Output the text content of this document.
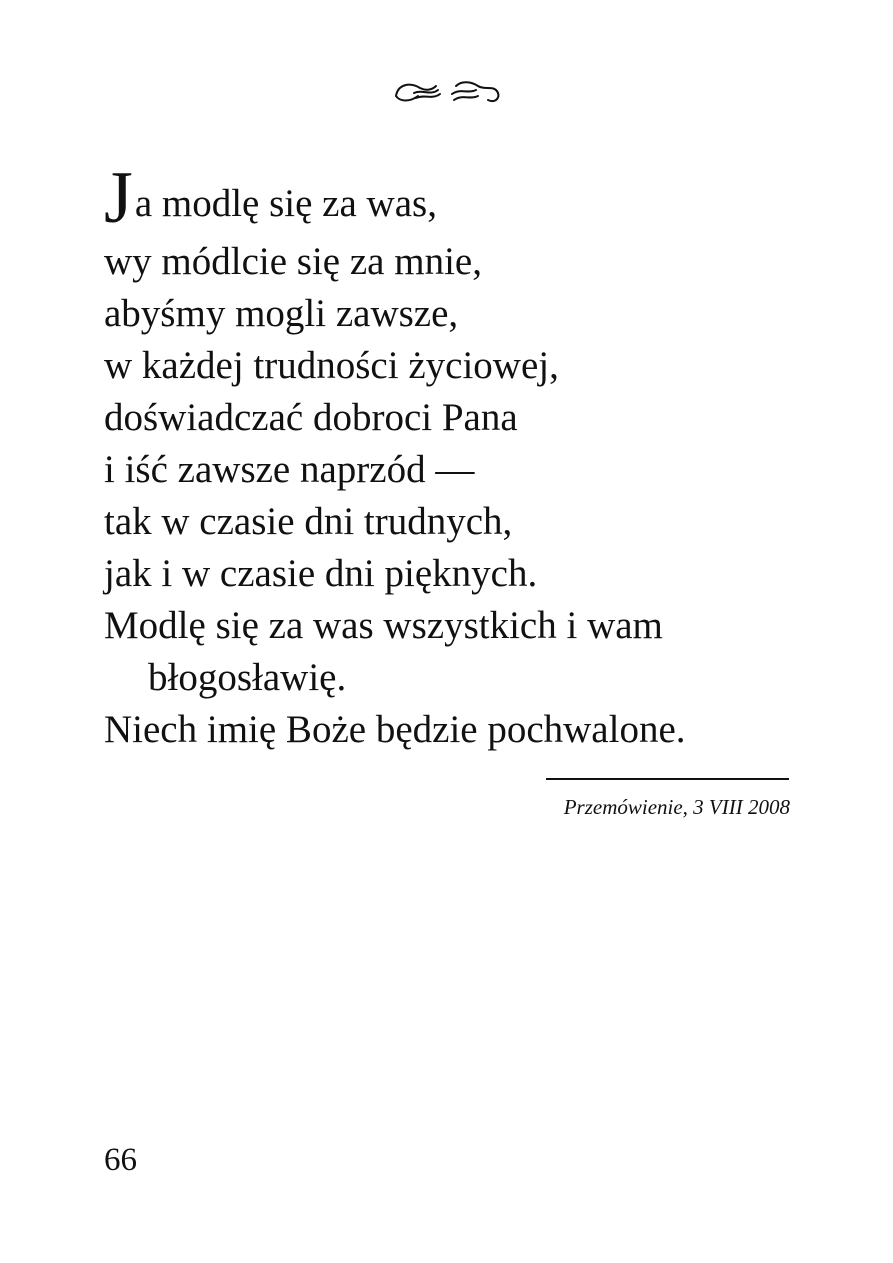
Ja modlę się za was,
wy módlcie się za mnie,
abyśmy mogli zawsze,
w każdej trudności życiowej,
doświadczać dobroci Pana
i iść zawsze naprzód —
tak w czasie dni trudnych,
jak i w czasie dni pięknych.
Modlę się za was wszystkich i wam
błogosławię.
Niech imię Boże będzie pochwalone.
Przemówienie, 3 VIII 2008
66
